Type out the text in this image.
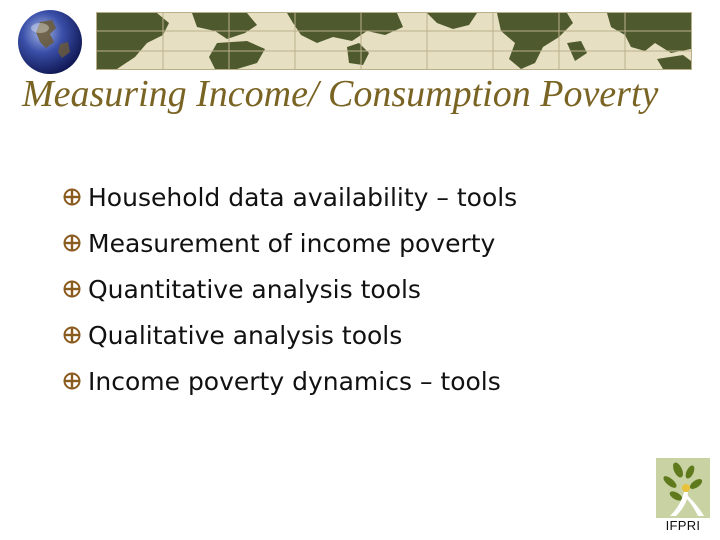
Measuring Income/ Consumption Poverty
Household data availability – tools
Measurement of income poverty
Quantitative analysis tools
Qualitative analysis tools
Income poverty dynamics – tools
IFPRI
